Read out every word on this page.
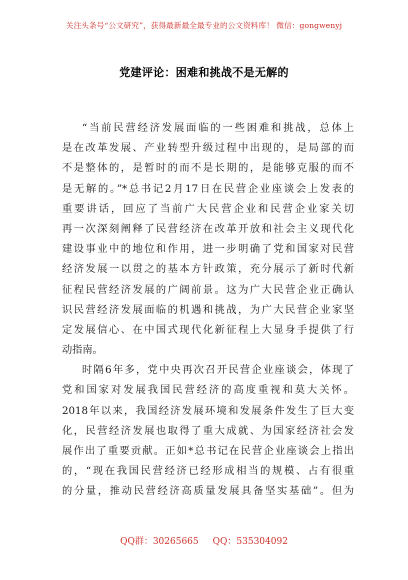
关注头条号“公文研究”，获得最新最全最专业的公文资料库！ 微信：gongwenyj
党建评论：困难和挑战不是无解的
“当前民营经济发展面临的一些困难和挑战，总体上
是在改革发展、产业转型升级过程中出现的，是局部的而
不是整体的，是暂时的而不是长期的，是能够克服的而不
是无解的。”*总书记2月17日在民营企业座谈会上发表的
重要讲话，回应了当前广大民营企业和民营企业家关切
再一次深刻阐释了民营经济在改革开放和社会主义现代化
建设事业中的地位和作用，进一步明确了党和国家对民营
经济发展一以贯之的基本方针政策，充分展示了新时代新
征程民营经济发展的广阔前景。这为广大民营企业正确认
识民营经济发展面临的机遇和挑战，为广大民营企业家坚
定发展信心、在中国式现代化新征程上大显身手提供了行
动指南。
时隔6年多，党中央再次召开民营企业座谈会，体现了
党和国家对发展我国民营经济的高度重视和莫大关怀。
2018年以来，我国经济发展环境和发展条件发生了巨大变
化，民营经济发展也取得了重大成就、为国家经济社会发
展作出了重要贡献。正如*总书记在民营企业座谈会上指出
的，“现在我国民营经济已经形成相当的规模、占有很重
的分量，推动民营经济高质量发展具备坚实基础”。但为
QQ群：30265665 QQ：535304092
